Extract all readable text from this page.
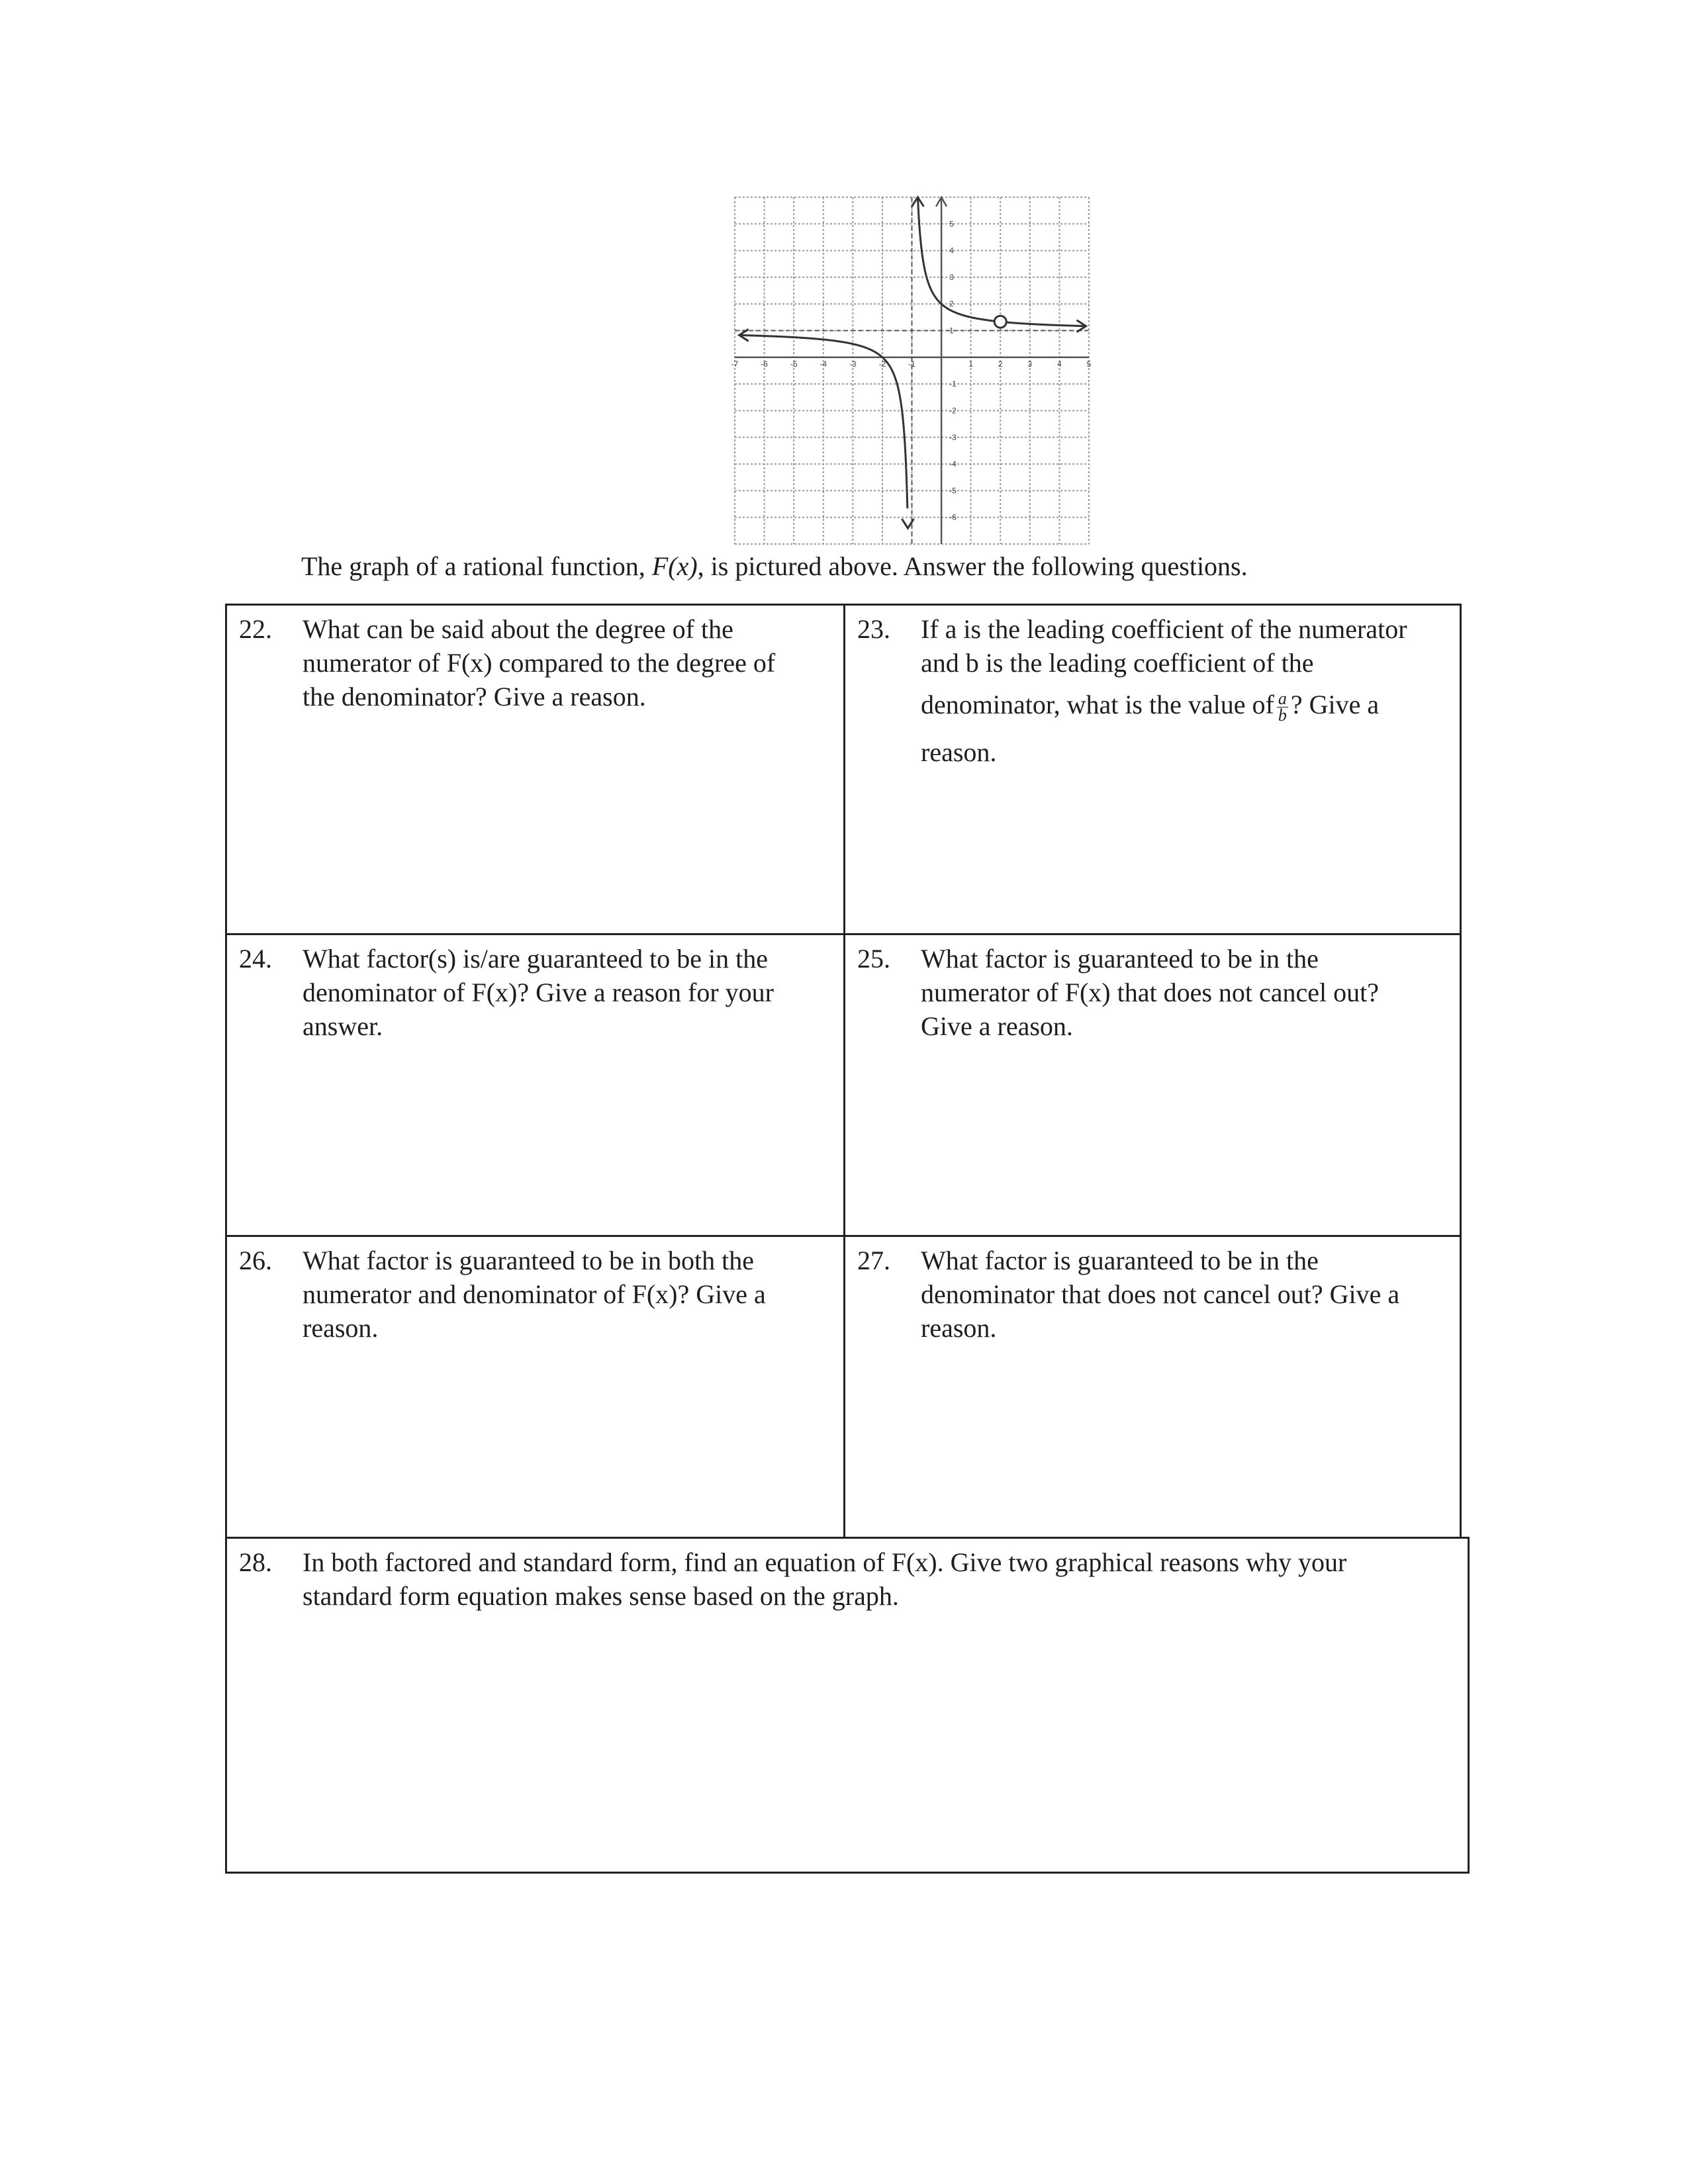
-7	-6	-5	-4	-3	-2	-1	1	2	3	4	5
5
4
3
2
1
-1
-2
-3
-4
-5
-6
The graph of a rational function, F(x), is pictured above. Answer the following questions.
22. What can be said about the degree of the
numerator of F(x) compared to the degree of
the denominator? Give a reason.
23. If a is the leading coefficient of the numerator
and b is the leading coefficient of the
denominator, what is the value of $\frac{a}{b}$ ? Give a
reason.
24. What factor(s) is/are guaranteed to be in the
denominator of F(x)? Give a reason for your
answer.
25. What factor is guaranteed to be in the
numerator of F(x) that does not cancel out?
Give a reason.
26. What factor is guaranteed to be in both the
numerator and denominator of F(x)? Give a
reason.
27. What factor is guaranteed to be in the
denominator that does not cancel out? Give a
reason.
28. In both factored and standard form, find an equation of F(x). Give two graphical reasons why your
standard form equation makes sense based on the graph.
